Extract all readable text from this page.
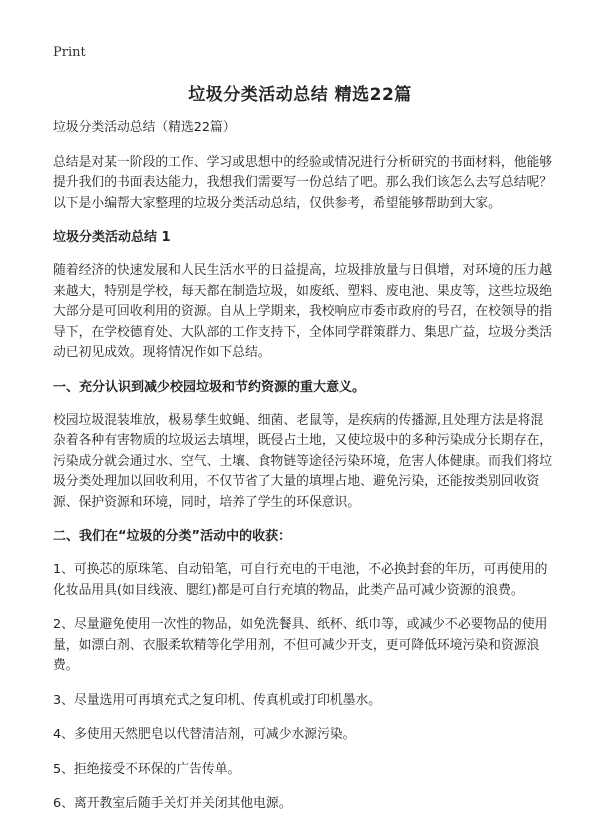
Print
垃圾分类活动总结 精选22篇

垃圾分类活动总结（精选22篇）

总结是对某一阶段的工作、学习或思想中的经验或情况进行分析研究的书面材料，他能够提升我们的书面表达能力，我想我们需要写一份总结了吧。那么我们该怎么去写总结呢？以下是小编帮大家整理的垃圾分类活动总结，仅供参考，希望能够帮助到大家。

垃圾分类活动总结 1

随着经济的快速发展和人民生活水平的日益提高，垃圾排放量与日俱增，对环境的压力越来越大，特别是学校，每天都在制造垃圾，如废纸、塑料、废电池、果皮等，这些垃圾绝大部分是可回收利用的资源。自从上学期来，我校响应市委市政府的号召，在校领导的指导下，在学校德育处、大队部的工作支持下，全体同学群策群力、集思广益，垃圾分类活动已初见成效。现将情况作如下总结。

一、充分认识到减少校园垃圾和节约资源的重大意义。

校园垃圾混装堆放，极易孳生蚊蝇、细菌、老鼠等，是疾病的传播源,且处理方法是将混杂着各种有害物质的垃圾运去填埋，既侵占土地，又使垃圾中的多种污染成分长期存在，污染成分就会通过水、空气、土壤、食物链等途径污染环境，危害人体健康。而我们将垃圾分类处理加以回收利用，不仅节省了大量的填埋占地、避免污染，还能按类别回收资源、保护资源和环境，同时，培养了学生的环保意识。

二、我们在“垃圾的分类”活动中的收获：

1、可换芯的原珠笔、自动铅笔，可自行充电的干电池，不必换封套的年历，可再使用的化妆品用具(如目线液、腮红)都是可自行充填的物品，此类产品可减少资源的浪费。

2、尽量避免使用一次性的物品，如免洗餐具、纸杯、纸巾等，或减少不必要物品的使用量，如漂白剂、衣服柔软精等化学用剂，不但可减少开支，更可降低环境污染和资源浪费。

3、尽量选用可再填充式之复印机、传真机或打印机墨水。

4、多使用天然肥皂以代替清洁剂，可减少水源污染。

5、拒绝接受不环保的广告传单。

6、离开教室后随手关灯并关闭其他电源。
